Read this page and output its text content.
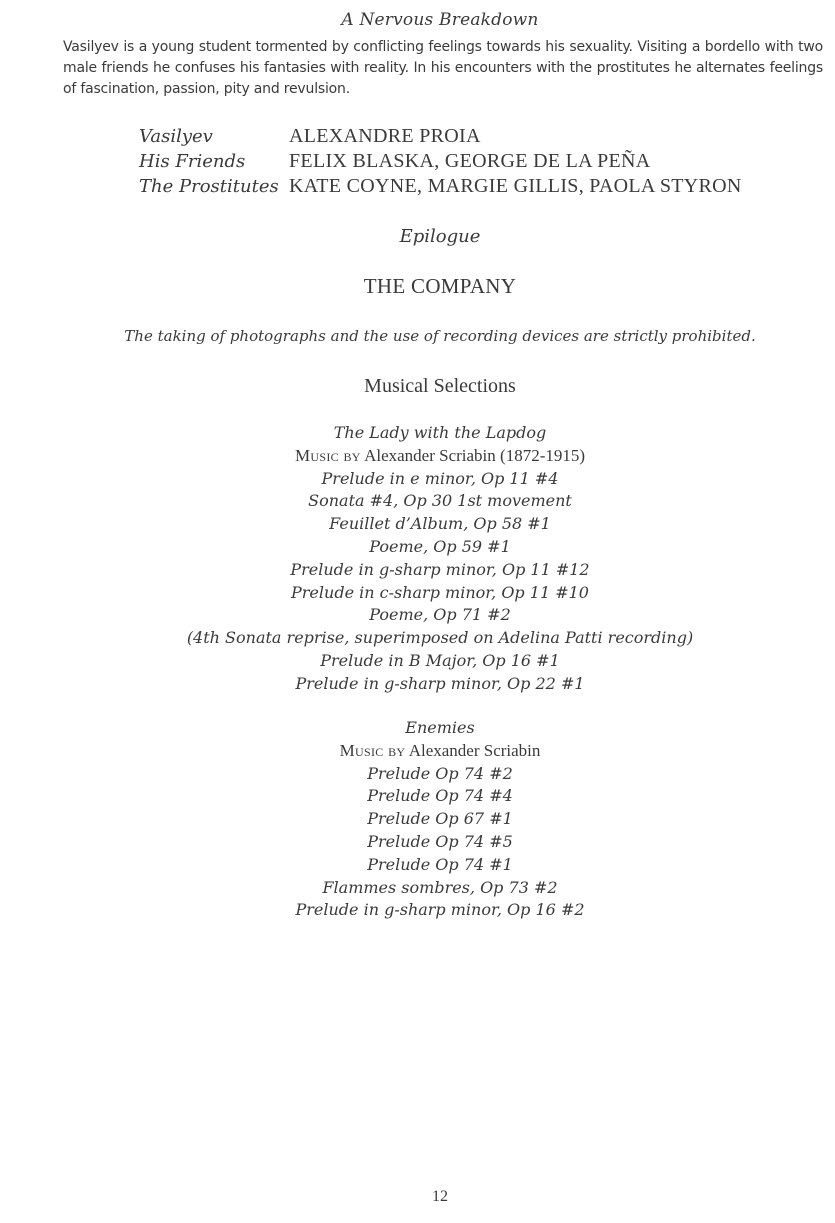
A Nervous Breakdown
Vasilyev is a young student tormented by conflicting feelings towards his sexuality. Visiting a bordello with two male friends he confuses his fantasies with reality. In his encounters with the prostitutes he alternates feelings of fascination, passion, pity and revulsion.
Vasilyev	ALEXANDRE PROIA
His Friends	FELIX BLASKA, GEORGE DE LA PEÑA
The Prostitutes KATE COYNE, MARGIE GILLIS, PAOLA STYRON
Epilogue
THE COMPANY
The taking of photographs and the use of recording devices are strictly prohibited.
Musical Selections
The Lady with the Lapdog
Music by Alexander Scriabin (1872-1915)
Prelude in e minor, Op 11 #4
Sonata #4, Op 30 1st movement
Feuillet d’Album, Op 58 #1
Poeme, Op 59 #1
Prelude in g-sharp minor, Op 11 #12
Prelude in c-sharp minor, Op 11 #10
Poeme, Op 71 #2
(4th Sonata reprise, superimposed on Adelina Patti recording)
Prelude in B Major, Op 16 #1
Prelude in g-sharp minor, Op 22 #1
Enemies
Music by Alexander Scriabin
Prelude Op 74 #2
Prelude Op 74 #4
Prelude Op 67 #1
Prelude Op 74 #5
Prelude Op 74 #1
Flammes sombres, Op 73 #2
Prelude in g-sharp minor, Op 16 #2
12
